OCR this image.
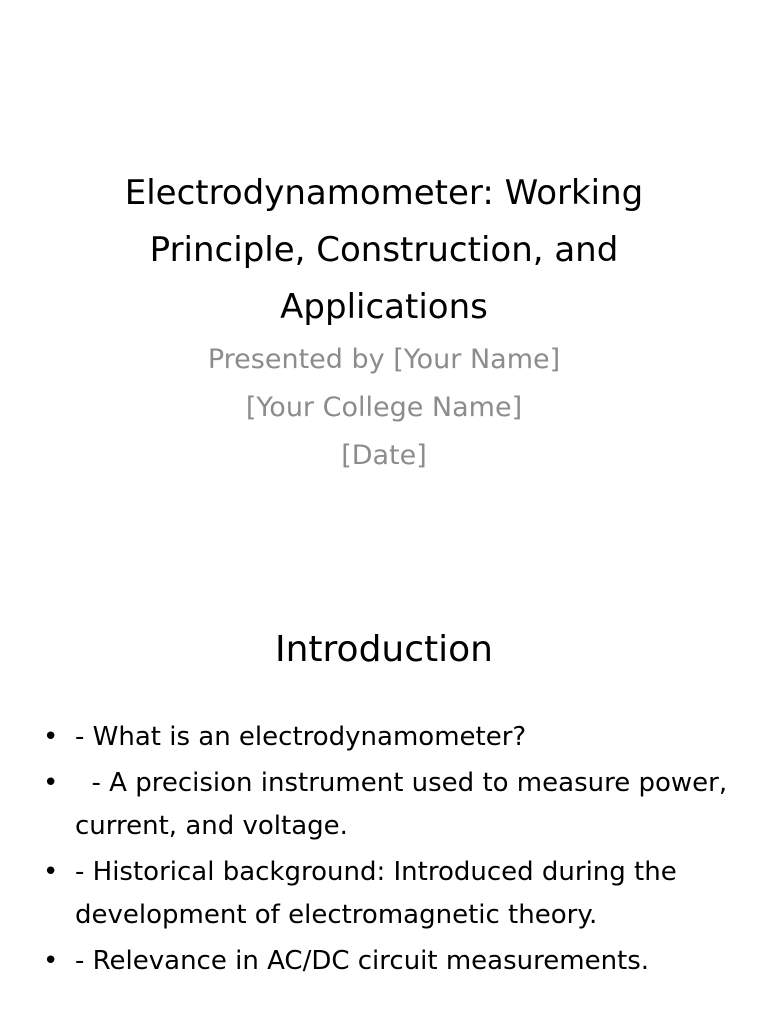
Electrodynamometer: Working
Principle, Construction, and
Applications

Presented by [Your Name]
[Your College Name]
[Date]

Introduction
• - What is an electrodynamometer?
• - A precision instrument used to measure power, current, and voltage.
• - Historical background: Introduced during the development of electromagnetic theory.
• - Relevance in AC/DC circuit measurements.
